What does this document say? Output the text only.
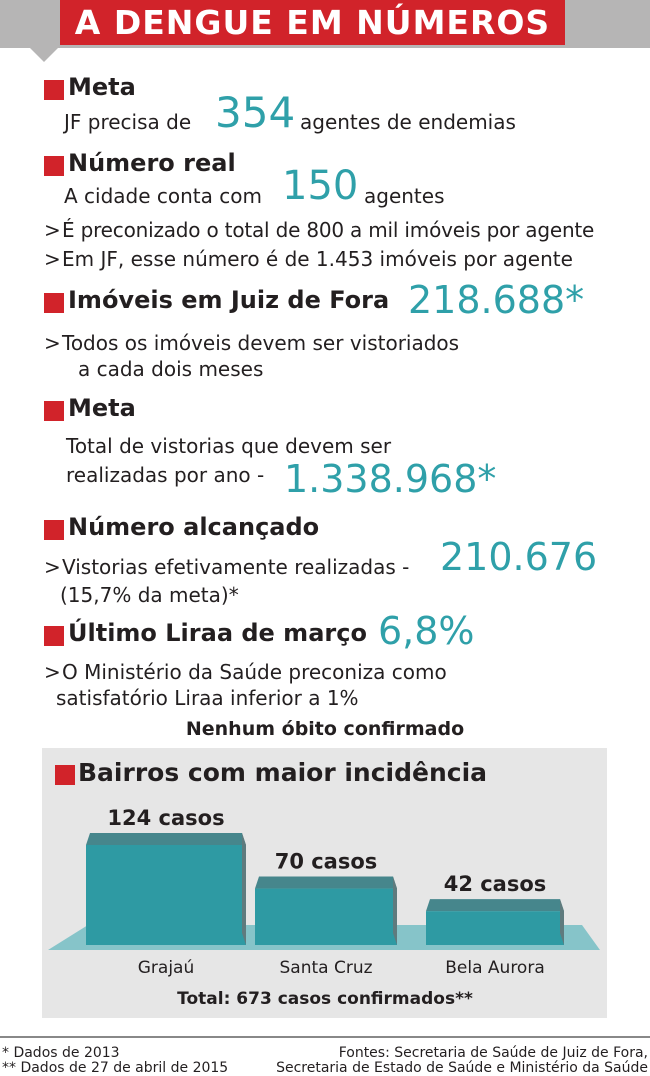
A DENGUE EM NÚMEROS
Meta
JF precisa de 354 agentes de endemias
Número real
A cidade conta com 150 agentes
> É preconizado o total de 800 a mil imóveis por agente
> Em JF, esse número é de 1.453 imóveis por agente
Imóveis em Juiz de Fora 218.688*
> Todos os imóveis devem ser vistoriados
a cada dois meses
Meta
Total de vistorias que devem ser
realizadas por ano - 1.338.968*
Número alcançado
> Vistorias efetivamente realizadas - 210.676
(15,7% da meta)*
Último Liraa de março 6,8%
> O Ministério da Saúde preconiza como
satisfatório Liraa inferior a 1%
Nenhum óbito confirmado
Bairros com maior incidência
124 casos
Grajaú
70 casos
Santa Cruz
42 casos
Bela Aurora
Total: 673 casos confirmados**
* Dados de 2013
** Dados de 27 de abril de 2015
Fontes: Secretaria de Saúde de Juiz de Fora,
Secretaria de Estado de Saúde e Ministério da Saúde
